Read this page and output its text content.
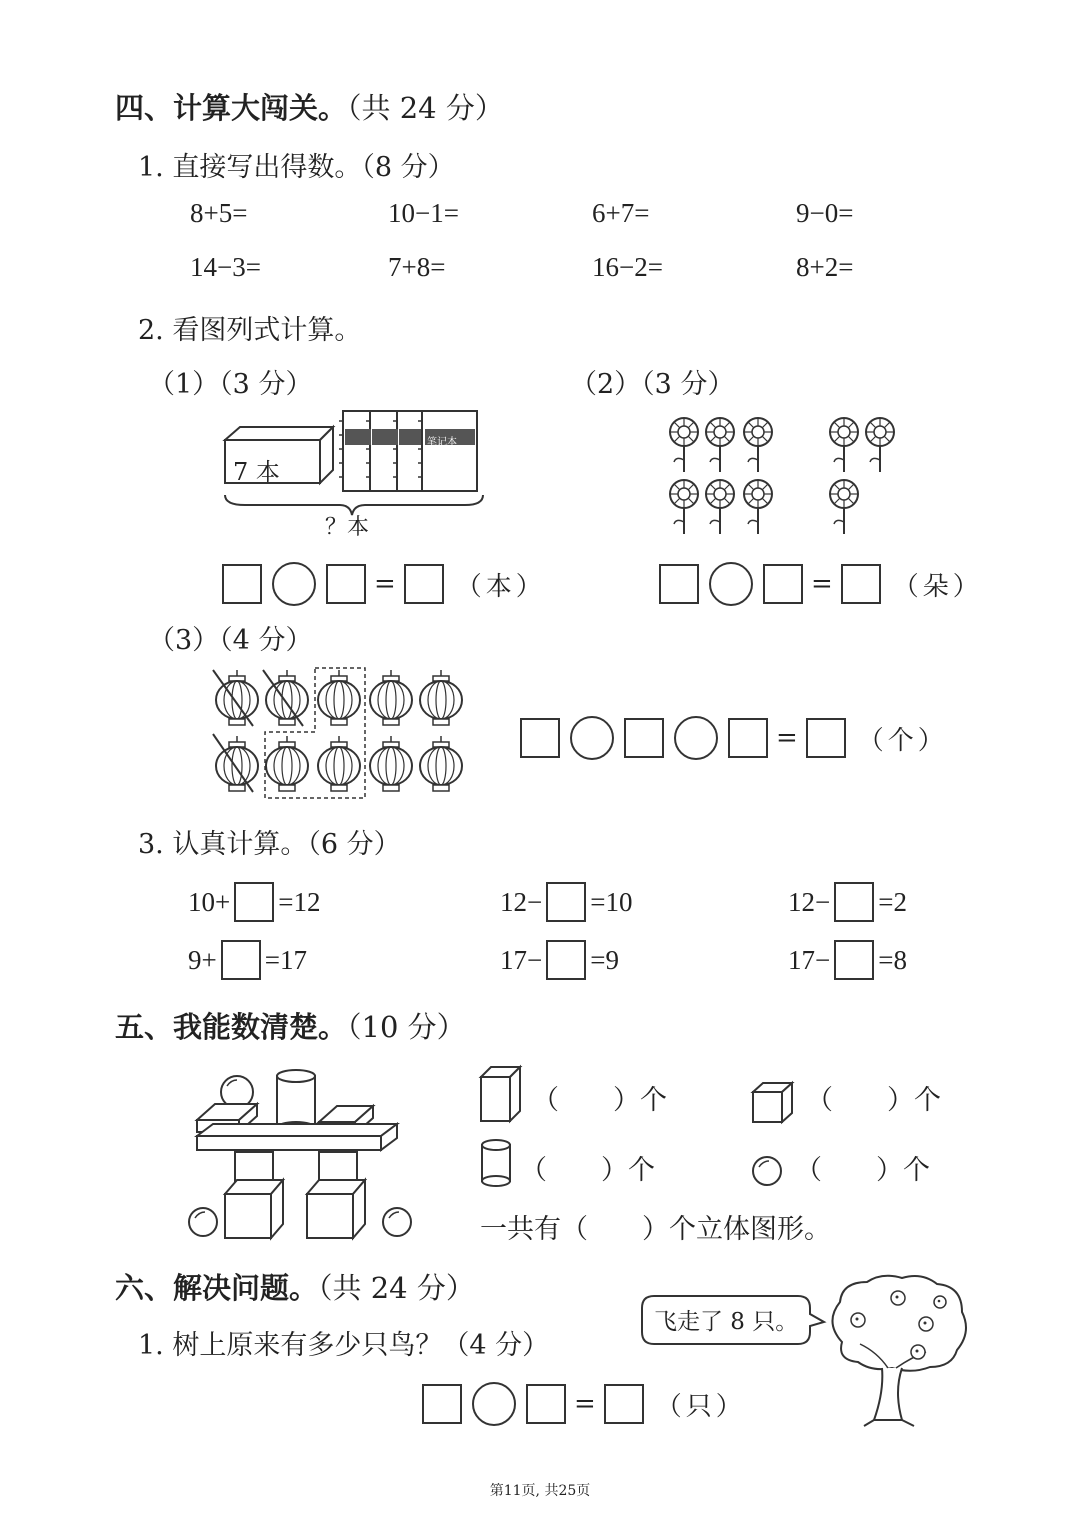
四、计算大闯关。（共 24 分）
1. 直接写出得数。（8 分）
8+5=	10−1=	6+7=	9−0=
14−3=	7+8=	16−2=	8+2=
2. 看图列式计算。
（1）（3 分）	（2）（3 分）
7 本
笔记本
？本
= （本）	= （朵）
（3）（4 分）
= （个）
3. 认真计算。（6 分）
10+ =12	12− =10	12− =2
9+ =17	17− =9	17− =8
五、我能数清楚。（10 分）
（　　）个	（　　）个
（　　）个	（　　）个
一共有（　　）个立体图形。
六、解决问题。（共 24 分）
1. 树上原来有多少只鸟？（4 分）
飞走了 8 只。
= （只）
第11页, 共25页
